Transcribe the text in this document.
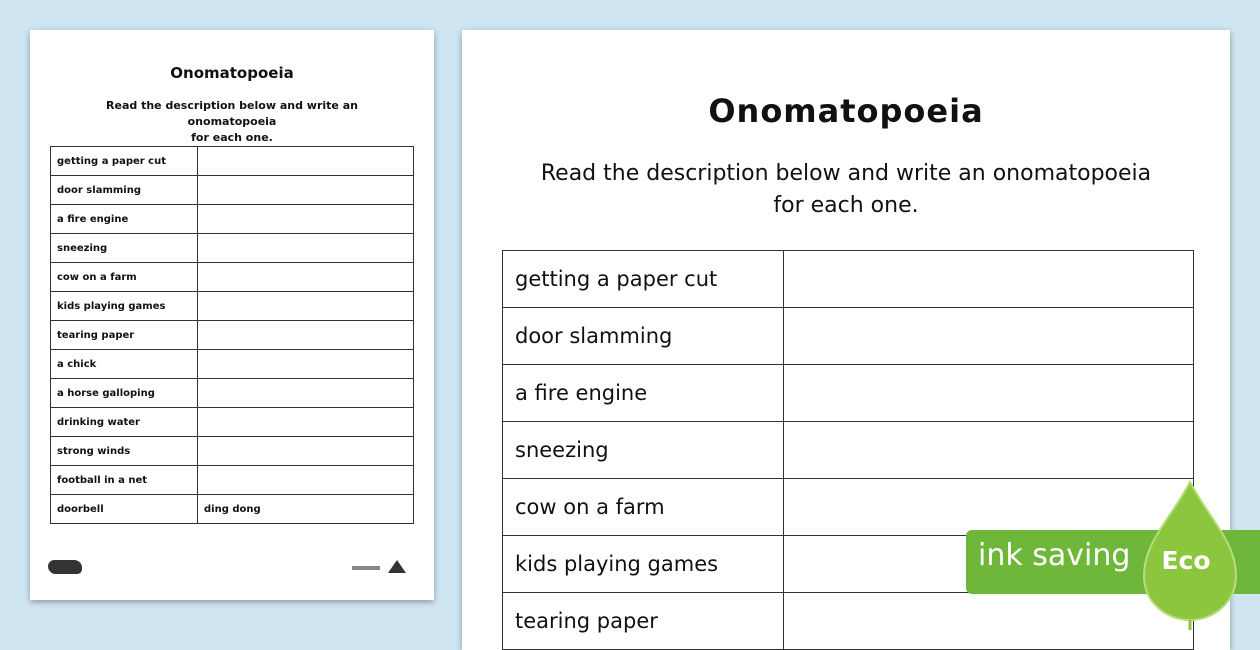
Onomatopoeia
Read the description below and write an onomatopoeia
for each one.
getting a paper cut	
door slamming	
a fire engine	
sneezing	
cow on a farm	
kids playing games	
tearing paper	
a chick	
a horse galloping	
drinking water	
strong winds	
football in a net	
doorbell	ding dong
Onomatopoeia
Read the description below and write an onomatopoeia
for each one.
getting a paper cut	
door slamming	
a fire engine	
sneezing	
cow on a farm	
kids playing games	
tearing paper	
ink saving	Eco
